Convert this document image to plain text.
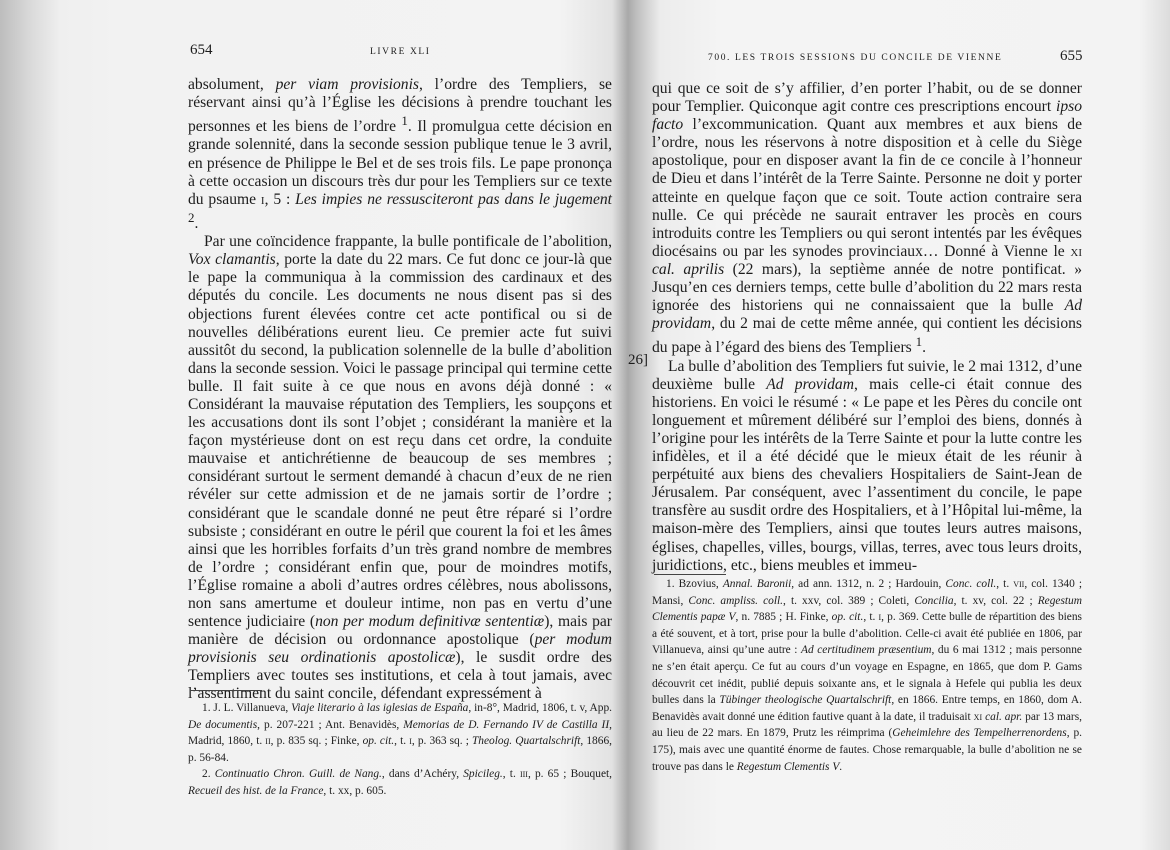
654	LIVRE XLI

absolument, per viam provisionis, l’ordre des Templiers, se réservant ainsi qu’à l’Église les décisions à prendre touchant les personnes et les biens de l’ordre $^1$. Il promulgua cette décision en grande solennité, dans la seconde session publique tenue le 3 avril, en présence de Philippe le Bel et de ses trois fils. Le pape prononça à cette occasion un discours très dur pour les Templiers sur ce texte du psaume i, 5 : Les impies ne ressusciteront pas dans le jugement $^2$.

Par une coïncidence frappante, la bulle pontificale de l’abolition, Vox clamantis, porte la date du 22 mars. Ce fut donc ce jour-là que le pape la communiqua à la commission des cardinaux et des députés du concile. Les documents ne nous disent pas si des objections furent élevées contre cet acte pontifical ou si de nouvelles délibérations eurent lieu. Ce premier acte fut suivi aussitôt du second, la publication solennelle de la bulle d’abolition dans la seconde session. Voici le passage principal qui termine cette bulle. Il fait suite à ce que nous en avons déjà donné : « Considérant la mauvaise réputation des Templiers, les soupçons et les accusations dont ils sont l’objet ; considérant la manière et la façon mystérieuse dont on est reçu dans cet ordre, la conduite mauvaise et antichrétienne de beaucoup de ses membres ; considérant surtout le serment demandé à chacun d’eux de ne rien révéler sur cette admission et de ne jamais sortir de l’ordre ; considérant que le scandale donné ne peut être réparé si l’ordre subsiste ; considérant en outre le péril que courent la foi et les âmes ainsi que les horribles forfaits d’un très grand nombre de membres de l’ordre ; considérant enfin que, pour de moindres motifs, l’Église romaine a aboli d’autres ordres célèbres, nous abolissons, non sans amertume et douleur intime, non pas en vertu d’une sentence judiciaire (non per modum definitivæ sententiæ), mais par manière de décision ou ordonnance apostolique (per modum provisionis seu ordinationis apostolicæ), le susdit ordre des Templiers avec toutes ses institutions, et cela à tout jamais, avec l’assentiment du saint concile, défendant expressément à

1. J. L. Villanueva, Viaje literario à las iglesias de España, in-8°, Madrid, 1806, t. v, App. De documentis, p. 207-221 ; Ant. Benavidès, Memorias de D. Fernando IV de Castilla II, Madrid, 1860, t. ii, p. 835 sq. ; Finke, op. cit., t. i, p. 363 sq. ; Theolog. Quartalschrift, 1866, p. 56-84.

2. Continuatio Chron. Guill. de Nang., dans d’Achéry, Spicileg., t. iii, p. 65 ; Bouquet, Recueil des hist. de la France, t. xx, p. 605.

26]
700. LES TROIS SESSIONS DU CONCILE DE VIENNE	655

qui que ce soit de s’y affilier, d’en porter l’habit, ou de se donner pour Templier. Quiconque agit contre ces prescriptions encourt ipso facto l’excommunication. Quant aux membres et aux biens de l’ordre, nous les réservons à notre disposition et à celle du Siège apostolique, pour en disposer avant la fin de ce concile à l’honneur de Dieu et dans l’intérêt de la Terre Sainte. Personne ne doit y porter atteinte en quelque façon que ce soit. Toute action contraire sera nulle. Ce qui précède ne saurait entraver les procès en cours introduits contre les Templiers ou qui seront intentés par les évêques diocésains ou par les synodes provinciaux… Donné à Vienne le xi cal. aprilis (22 mars), la septième année de notre pontificat. » Jusqu’en ces derniers temps, cette bulle d’abolition du 22 mars resta ignorée des historiens qui ne connaissaient que la bulle Ad providam, du 2 mai de cette même année, qui contient les décisions du pape à l’égard des biens des Templiers $^1$.

La bulle d’abolition des Templiers fut suivie, le 2 mai 1312, d’une deuxième bulle Ad providam, mais celle-ci était connue des historiens. En voici le résumé : « Le pape et les Pères du concile ont longuement et mûrement délibéré sur l’emploi des biens, donnés à l’origine pour les intérêts de la Terre Sainte et pour la lutte contre les infidèles, et il a été décidé que le mieux était de les réunir à perpétuité aux biens des chevaliers Hospitaliers de Saint-Jean de Jérusalem. Par conséquent, avec l’assentiment du concile, le pape transfère au susdit ordre des Hospitaliers, et à l’Hôpital lui-même, la maison-mère des Templiers, ainsi que toutes leurs autres maisons, églises, chapelles, villes, bourgs, villas, terres, avec tous leurs droits, juridictions, etc., biens meubles et immeu-

1. Bzovius, Annal. Baronii, ad ann. 1312, n. 2 ; Hardouin, Conc. coll., t. vii, col. 1340 ; Mansi, Conc. ampliss. coll., t. xxv, col. 389 ; Coleti, Concilia, t. xv, col. 22 ; Regestum Clementis papæ V, n. 7885 ; H. Finke, op. cit., t. i, p. 369. Cette bulle de répartition des biens a été souvent, et à tort, prise pour la bulle d’abolition. Celle-ci avait été publiée en 1806, par Villanueva, ainsi qu’une autre : Ad certitudinem præsentium, du 6 mai 1312 ; mais personne ne s’en était aperçu. Ce fut au cours d’un voyage en Espagne, en 1865, que dom P. Gams découvrit cet inédit, publié depuis soixante ans, et le signala à Hefele qui publia les deux bulles dans la Tübinger theologische Quartalschrift, en 1866. Entre temps, en 1860, dom A. Benavidès avait donné une édition fautive quant à la date, il traduisait xi cal. apr. par 13 mars, au lieu de 22 mars. En 1879, Prutz les réimprima (Geheimlehre des Tempelherrenordens, p. 175), mais avec une quantité énorme de fautes. Chose remarquable, la bulle d’abolition ne se trouve pas dans le Regestum Clementis V.
